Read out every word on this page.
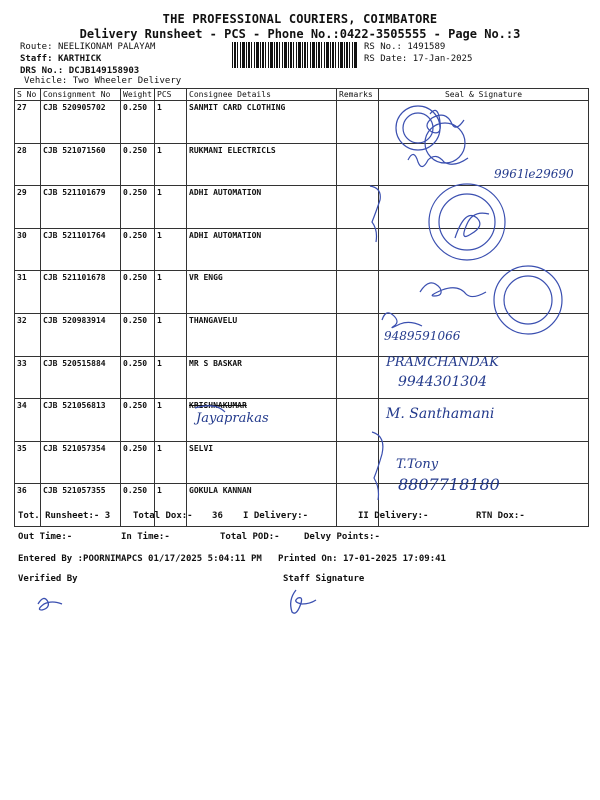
THE PROFESSIONAL COURIERS, COIMBATORE
Delivery Runsheet - PCS - Phone No.:0422-3505555 - Page No.:3
Route: NEELIKONAM PALAYAM
Staff: KARTHICK
DRS No.: DCJB149158903
Vehicle: Two Wheeler Delivery
RS No.: 1491589
RS Date: 17-Jan-2025
S No	Consignment No	Weight	PCS	Consignee Details	Remarks	Seal & Signature
27	CJB 520905702	0.250	1	SANMIT CARD CLOTHING		
28	CJB 521071560	0.250	1	RUKMANI ELECTRICLS		
29	CJB 521101679	0.250	1	ADHI AUTOMATION		
30	CJB 521101764	0.250	1	ADHI AUTOMATION		
31	CJB 521101678	0.250	1	VR ENGG		
32	CJB 520983914	0.250	1	THANGAVELU		
33	CJB 520515884	0.250	1	MR S BASKAR		
34	CJB 521056813	0.250	1	KRISHNAKUMAR		
35	CJB 521057354	0.250	1	SELVI		
36	CJB 521057355	0.250	1	GOKULA KANNAN		
9961le29690
9489591066
PRAMCHANDAK
9944301304
Jayaprakas	M. Santhamani
T.Tony
8807718180
Tot. Runsheet:- 3	Total Dox:- 36 I Delivery:-	II Delivery:-	RTN Dox:-
Out Time:-	In Time:-	Total POD:-	Delvy Points:-
Entered By :POORNIMAPCS 01/17/2025 5:04:11 PM Printed On: 17-01-2025 17:09:41
Verified By	Staff Signature
